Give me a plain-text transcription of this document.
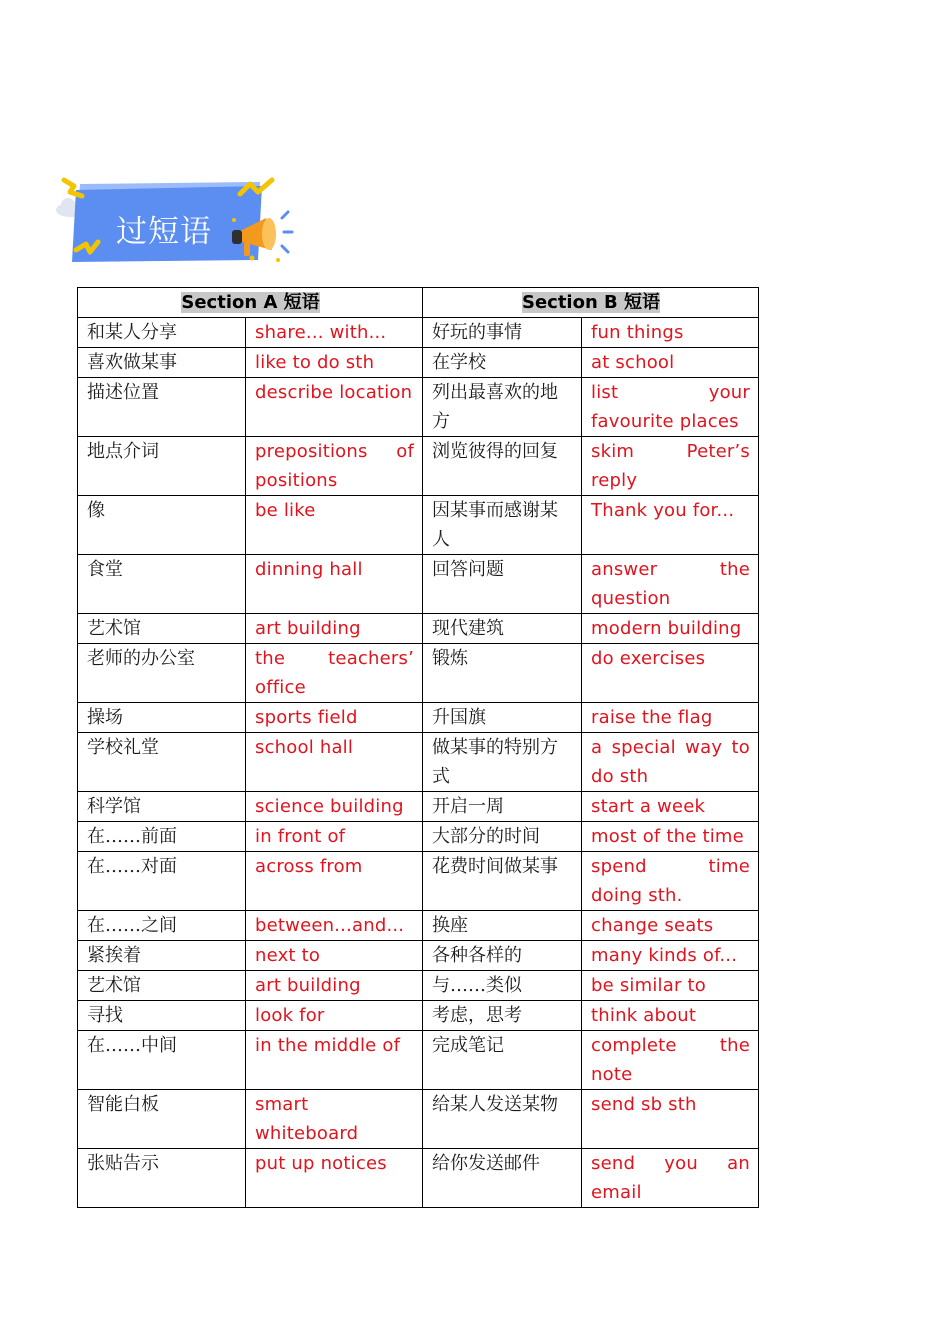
过短语
Section A 短语		Section B 短语	
和某人分享	share... with...	好玩的事情	fun things
喜欢做某事	like to do sth	在学校	at school
描述位置	describe location	列出最喜欢的地方	list your favourite places
地点介词	prepositions of positions	浏览彼得的回复	skim Peter’s reply
像	be like	因某事而感谢某人	Thank you for...
食堂	dinning hall	回答问题	answer the question
艺术馆	art building	现代建筑	modern building
老师的办公室	the teachers’ office	锻炼	do exercises
操场	sports field	升国旗	raise the flag
学校礼堂	school hall	做某事的特别方式	a special way to do sth
科学馆	science building	开启一周	start a week
在……前面	in front of	大部分的时间	most of the time
在……对面	across from	花费时间做某事	spend time doing sth.
在……之间	between...and...	换座	change seats
紧挨着	next to	各种各样的	many kinds of...
艺术馆	art building	与……类似	be similar to
寻找	look for	考虑，思考	think about
在……中间	in the middle of	完成笔记	complete the note
智能白板	smart whiteboard	给某人发送某物	send sb sth
张贴告示	put up notices	给你发送邮件	send you an email
